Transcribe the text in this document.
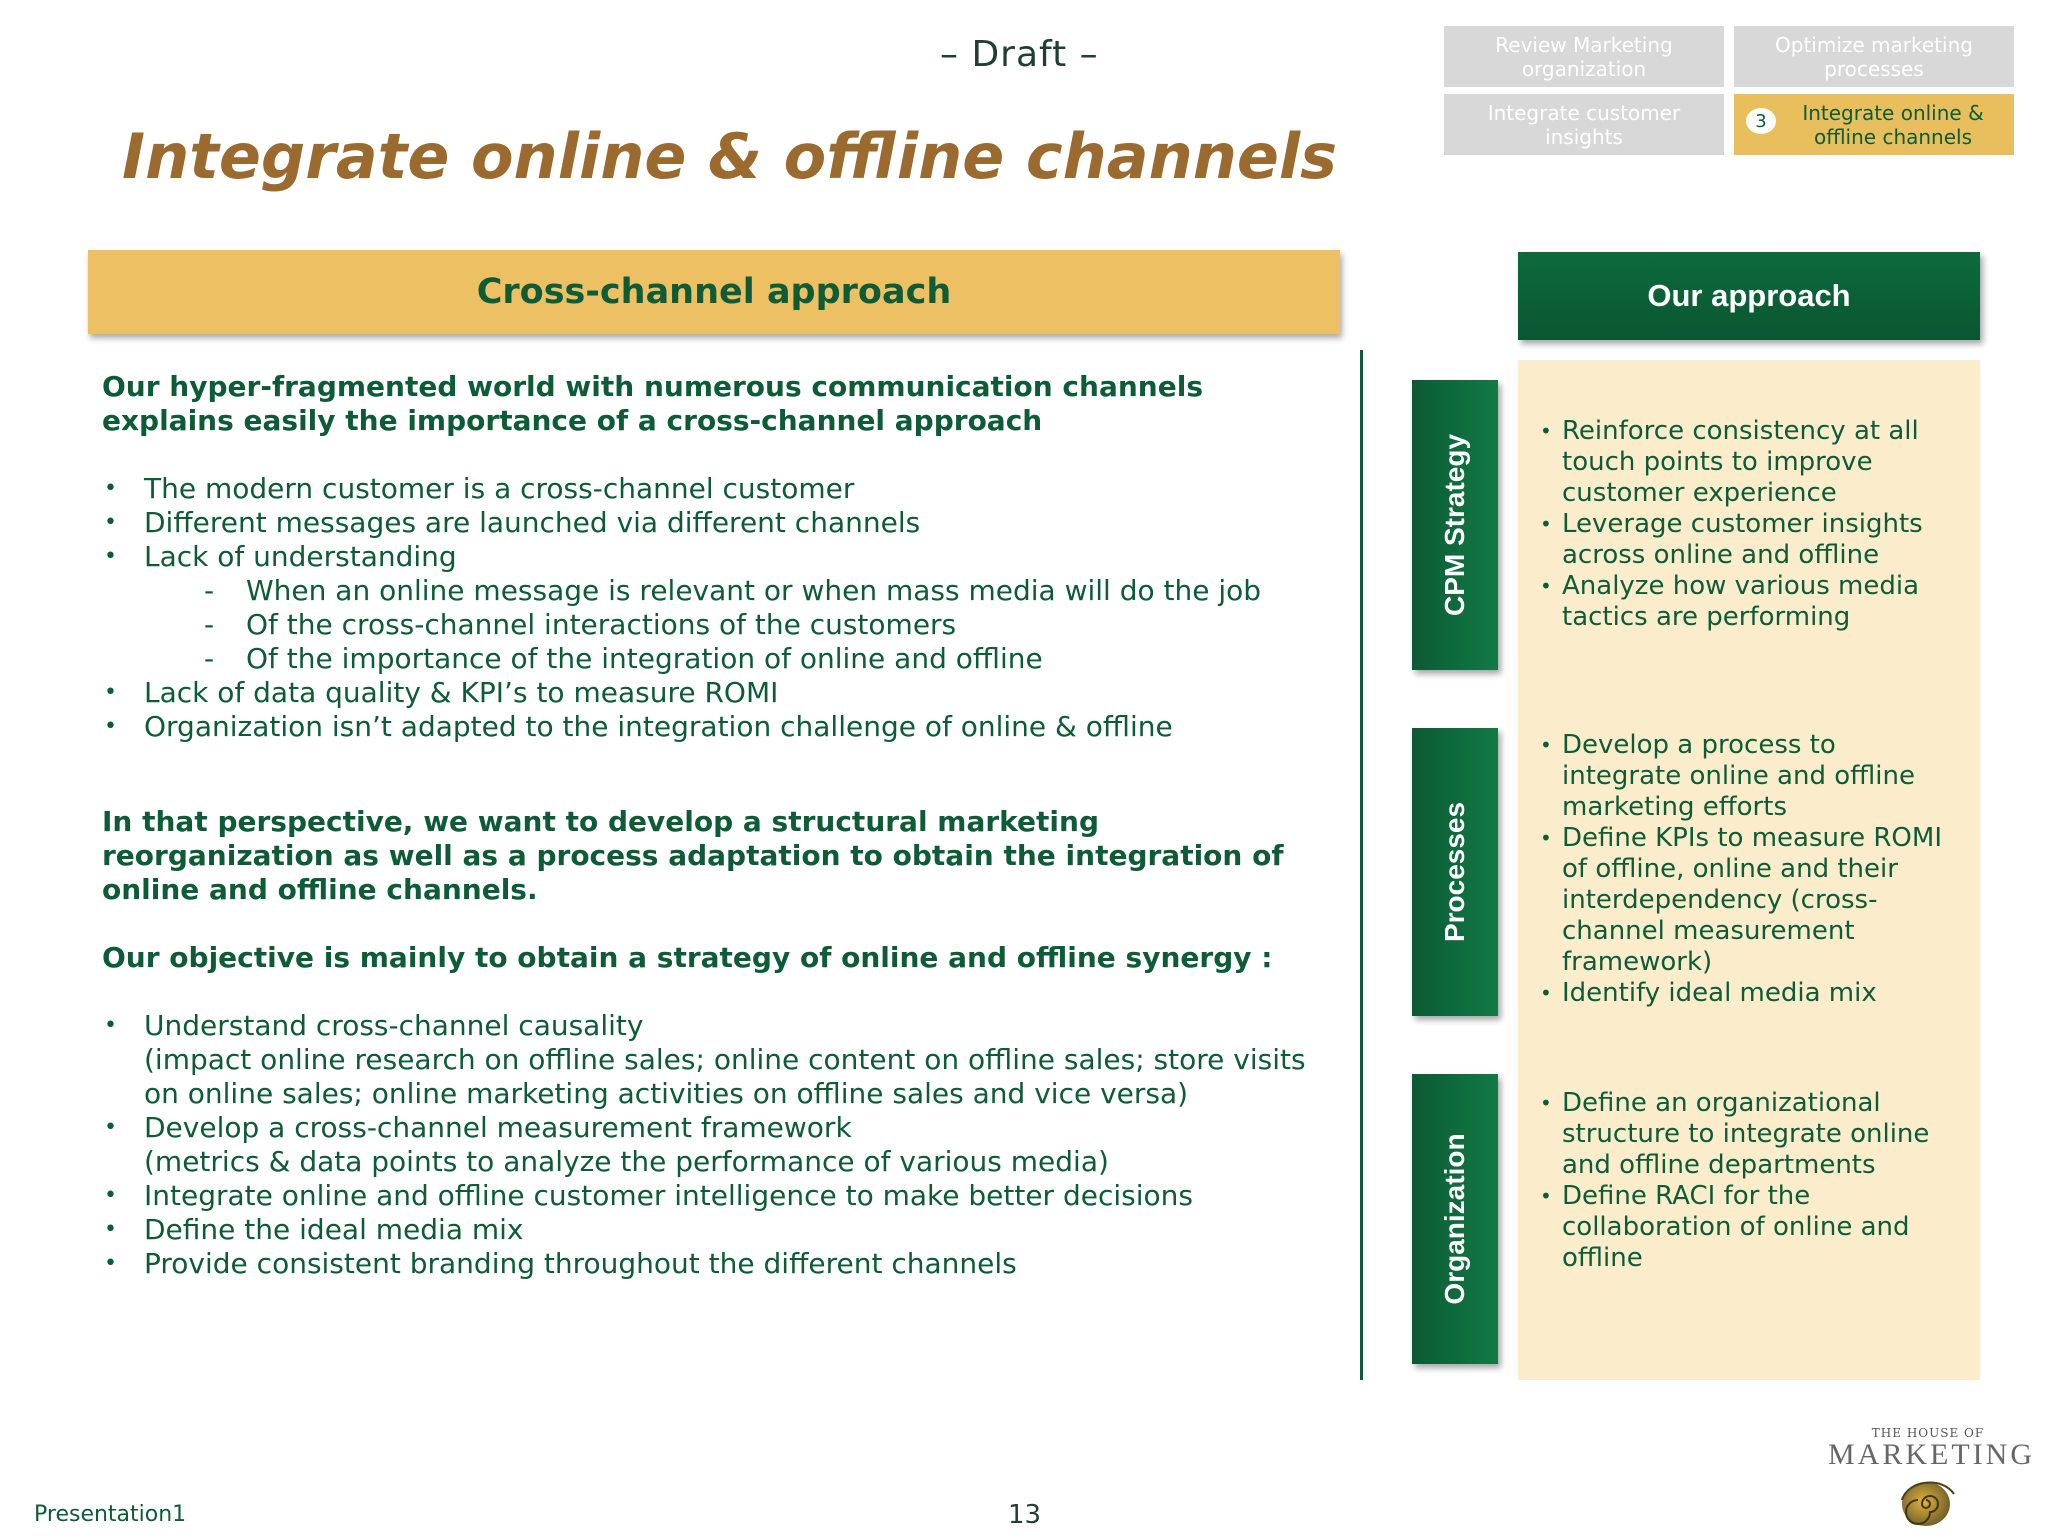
– Draft –
Integrate online & offline channels
Review Marketing organization
Optimize marketing processes
Integrate customer insights
3	Integrate online & offline channels
Cross-channel approach

Our hyper-fragmented world with numerous communication channels explains easily the importance of a cross-channel approach

• The modern customer is a cross-channel customer
• Different messages are launched via different channels
• Lack of understanding
- When an online message is relevant or when mass media will do the job
- Of the cross-channel interactions of the customers
- Of the importance of the integration of online and offline
• Lack of data quality & KPI’s to measure ROMI
• Organization isn’t adapted to the integration challenge of online & offline

In that perspective, we want to develop a structural marketing reorganization as well as a process adaptation to obtain the integration of online and offline channels.

Our objective is mainly to obtain a strategy of online and offline synergy :

• Understand cross-channel causality
(impact online research on offline sales; online content on offline sales; store visits on online sales; online marketing activities on offline sales and vice versa)
• Develop a cross-channel measurement framework
(metrics & data points to analyze the performance of various media)
• Integrate online and offline customer intelligence to make better decisions
• Define the ideal media mix
• Provide consistent branding throughout the different channels
CPM Strategy
Processes
Organization
Our approach
• Reinforce consistency at all touch points to improve customer experience
• Leverage customer insights across online and offline
• Analyze how various media tactics are performing
• Develop a process to integrate online and offline marketing efforts
• Define KPIs to measure ROMI of offline, online and their interdependency (cross-channel measurement framework)
• Identify ideal media mix
• Define an organizational structure to integrate online and offline departments
• Define RACI for the collaboration of online and offline
Presentation1	13
THE HOUSE OF
MARKETING
